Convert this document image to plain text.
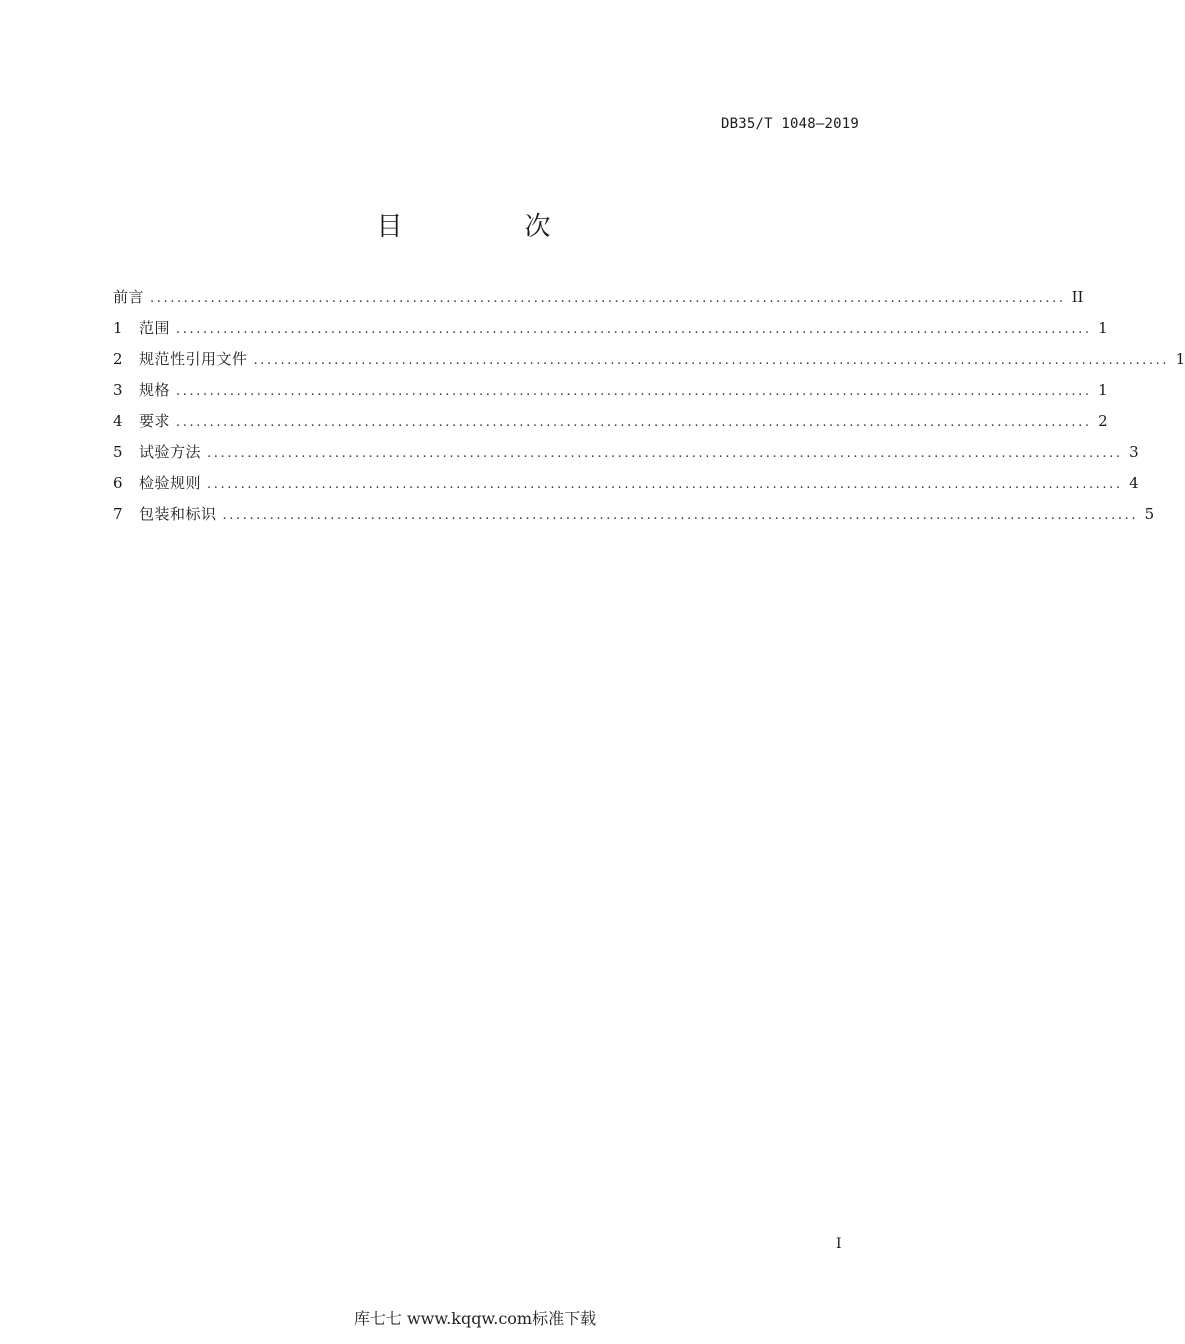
DB35/T 1048—2019
目　次
前言 ........................................................................................................................................ II
1	范围 ........................................................................................................................................ 1
2	规范性引用文件 ........................................................................................................................................ 1
3	规格 ........................................................................................................................................ 1
4	要求 ........................................................................................................................................ 2
5	试验方法 ........................................................................................................................................ 3
6	检验规则 ........................................................................................................................................ 4
7	包装和标识 ........................................................................................................................................ 5
I
库七七 www.kqqw.com标准下载
